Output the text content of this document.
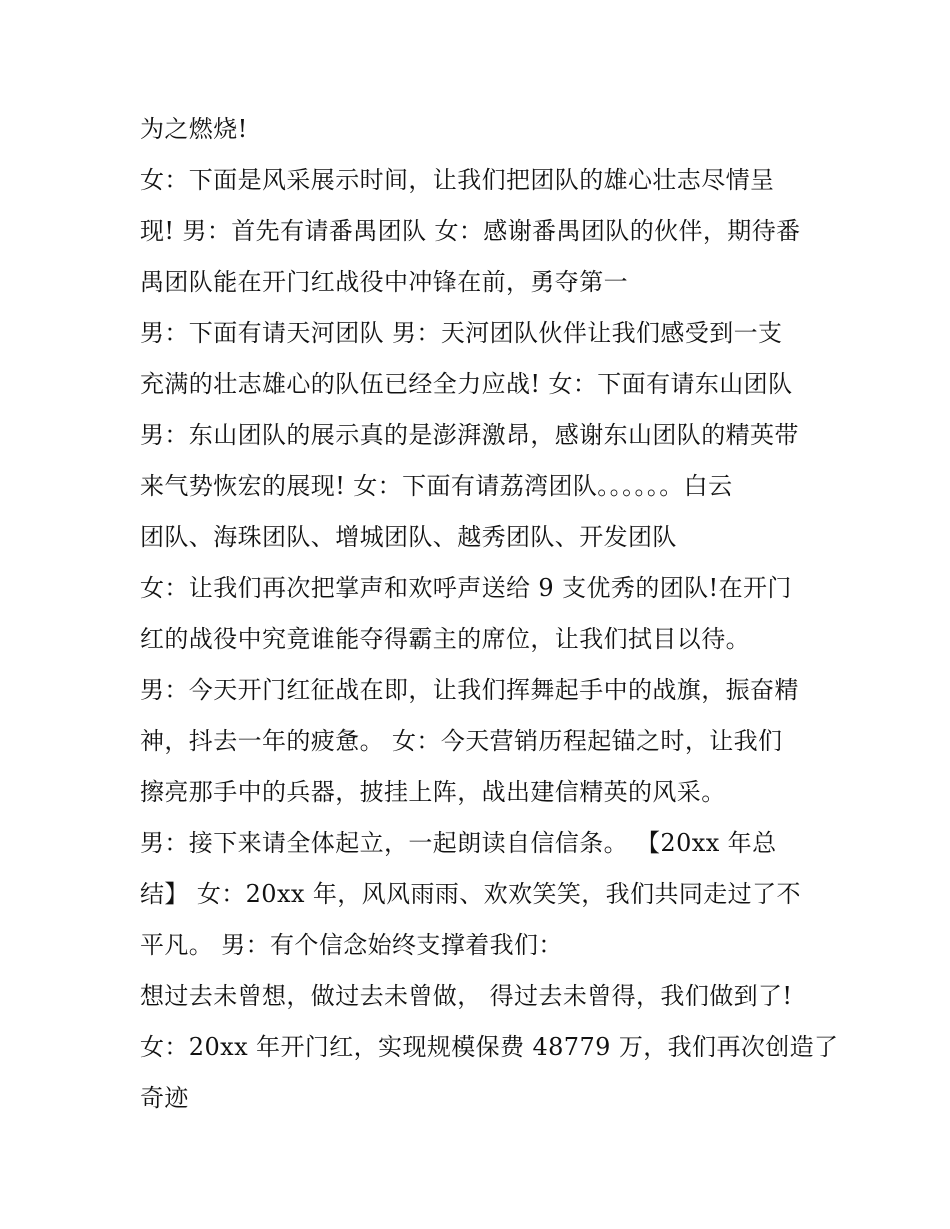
为之燃烧!
女：下面是风采展示时间，让我们把团队的雄心壮志尽情呈
现! 男：首先有请番禺团队 女：感谢番禺团队的伙伴，期待番
禺团队能在开门红战役中冲锋在前，勇夺第一
男：下面有请天河团队 男：天河团队伙伴让我们感受到一支
充满的壮志雄心的队伍已经全力应战! 女：下面有请东山团队
男：东山团队的展示真的是澎湃激昂，感谢东山团队的精英带
来气势恢宏的展现! 女：下面有请荔湾团队。。。。。。白云
团队、海珠团队、增城团队、越秀团队、开发团队
女：让我们再次把掌声和欢呼声送给 9 支优秀的团队!在开门
红的战役中究竟谁能夺得霸主的席位，让我们拭目以待。
男：今天开门红征战在即，让我们挥舞起手中的战旗，振奋精
神，抖去一年的疲惫。 女：今天营销历程起锚之时，让我们
擦亮那手中的兵器，披挂上阵，战出建信精英的风采。
男：接下来请全体起立，一起朗读自信信条。 【20xx 年总
结】 女：20xx 年，风风雨雨、欢欢笑笑，我们共同走过了不
平凡。 男：有个信念始终支撑着我们：
想过去未曾想，做过去未曾做， 得过去未曾得，我们做到了!
女：20xx 年开门红，实现规模保费 48779 万，我们再次创造了
奇迹
